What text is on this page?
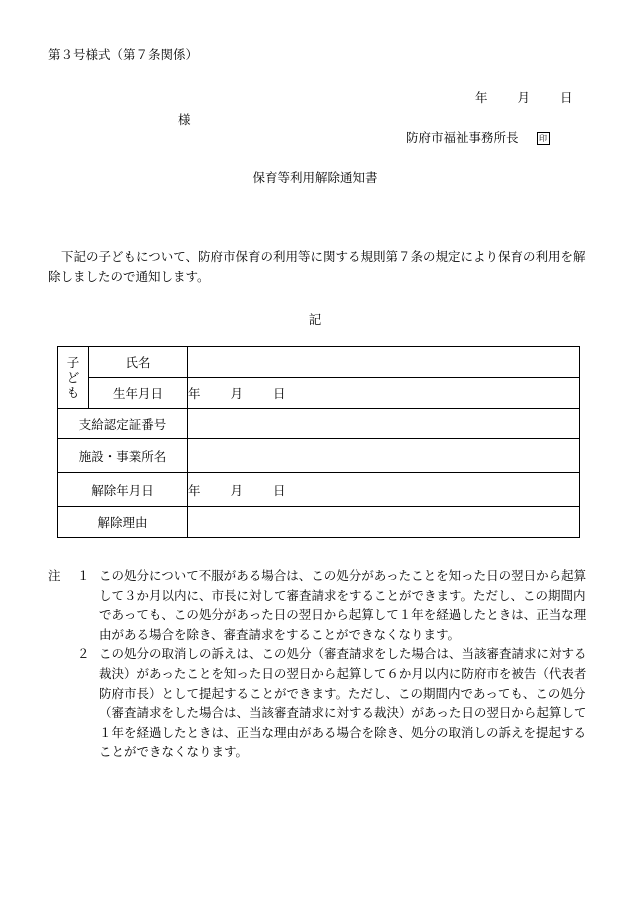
第３号様式（第７条関係）
年 月 日
様
防府市福祉事務所長	印
保育等利用解除通知書
下記の子どもについて、防府市保育の利用等に関する規則第７条の規定により保育の利用を解除しましたので通知します。
記
子ども	氏名	
	生年月日	年 月 日
支給認定証番号		
施設・事業所名		
解除年月日		年 月 日
解除理由		
注 １ この処分について不服がある場合は、この処分があったことを知った日の翌日から起算して３か月以内に、市長に対して審査請求をすることができます。ただし、この期間内であっても、この処分があった日の翌日から起算して１年を経過したときは、正当な理由がある場合を除き、審査請求をすることができなくなります。
２ この処分の取消しの訴えは、この処分（審査請求をした場合は、当該審査請求に対する裁決）があったことを知った日の翌日から起算して６か月以内に防府市を被告（代表者　防府市長）として提起することができます。ただし、この期間内であっても、この処分（審査請求をした場合は、当該審査請求に対する裁決）があった日の翌日から起算して１年を経過したときは、正当な理由がある場合を除き、処分の取消しの訴えを提起することができなくなります。
